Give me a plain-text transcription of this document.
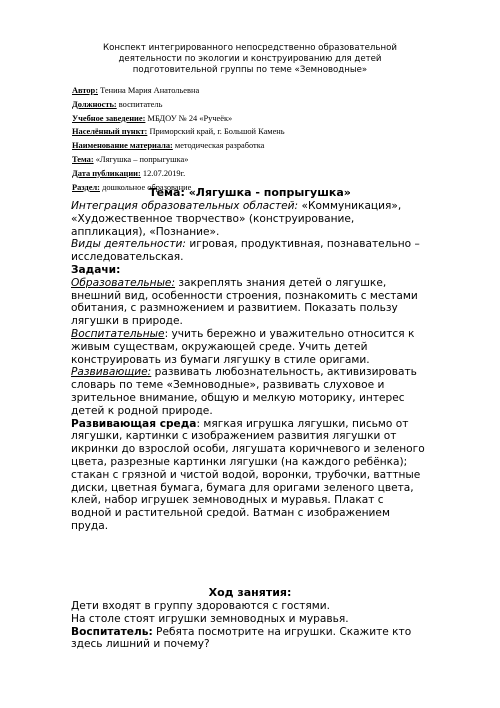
Конспект интегрированного непосредственно образовательной
деятельности по экологии и конструированию для детей
подготовительной группы по теме «Земноводные»
Автор: Тенина Мария Анатольевна
Должность: воспитатель
Учебное заведение: МБДОУ № 24 «Ручеёк»
Населённый пункт: Приморский край, г. Большой Камень
Наименование материала: методическая разработка
Тема: «Лягушка – попрыгушка»
Дата публикации: 12.07.2019г.
Раздел: дошкольное образование
Тема: «Лягушка - попрыгушка»
Интеграция образовательных областей: «Коммуникация»,
«Художественное творчество» (конструирование,
аппликация), «Познание».
Виды деятельности: игровая, продуктивная, познавательно –
исследовательская.
Задачи:
Образовательные: закреплять знания детей о лягушке,
внешний вид, особенности строения, познакомить с местами
обитания, с размножением и развитием. Показать пользу
лягушки в природе.
Воспитательные: учить бережно и уважительно относится к
живым существам, окружающей среде. Учить детей
конструировать из бумаги лягушку в стиле оригами.
Развивающие: развивать любознательность, активизировать
словарь по теме «Земноводные», развивать слуховое и
зрительное внимание, общую и мелкую моторику, интерес
детей к родной природе.
Развивающая среда: мягкая игрушка лягушки, письмо от
лягушки, картинки с изображением развития лягушки от
икринки до взрослой особи, лягушата коричневого и зеленого
цвета, разрезные картинки лягушки (на каждого ребёнка);
стакан с грязной и чистой водой, воронки, трубочки, ваттные
диски, цветная бумага, бумага для оригами зеленого цвета,
клей, набор игрушек земноводных и муравья. Плакат с
водной и растительной средой. Ватман с изображением
пруда.
Ход занятия:
Дети входят в группу здороваются с гостями.
На столе стоят игрушки земноводных и муравья.
Воспитатель: Ребята посмотрите на игрушки. Скажите кто
здесь лишний и почему?
